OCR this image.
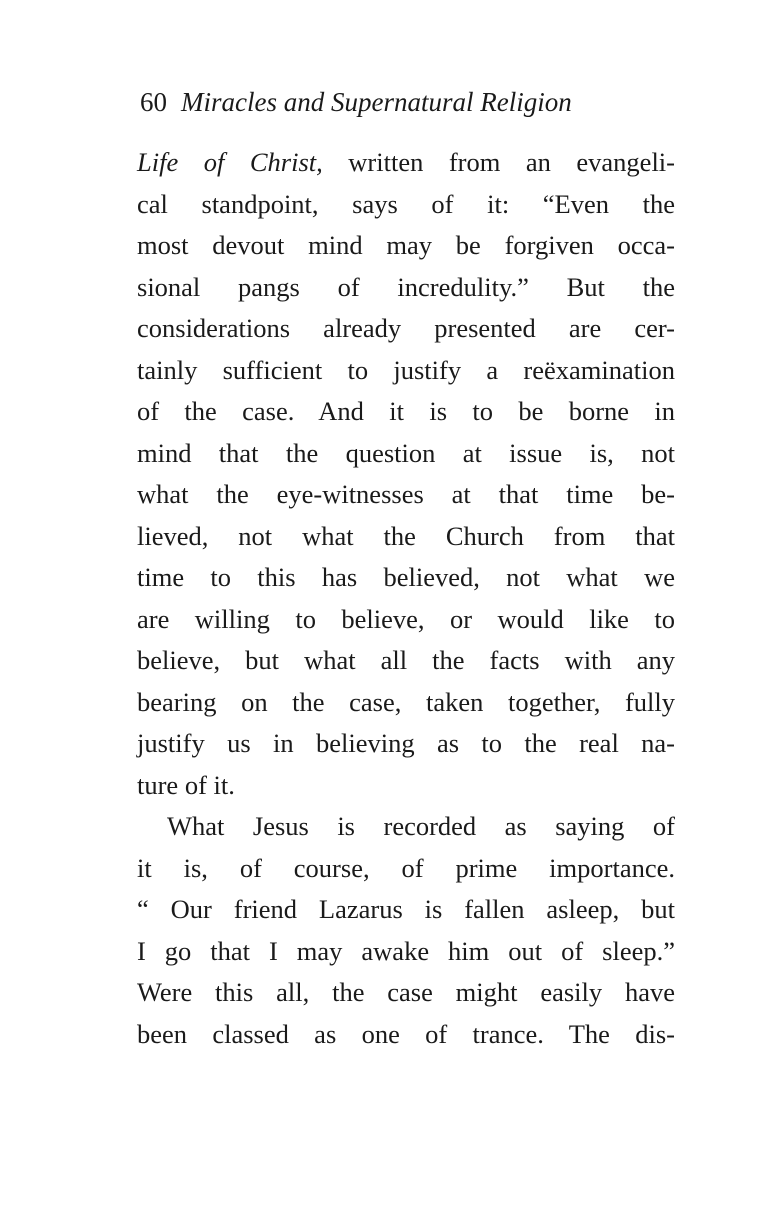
60 Miracles and Supernatural Religion
Life of Christ, written from an evangeli-
cal standpoint, says of it: “Even the
most devout mind may be forgiven occa-
sional pangs of incredulity.” But the
considerations already presented are cer-
tainly sufficient to justify a reëxamination
of the case. And it is to be borne in
mind that the question at issue is, not
what the eye-witnesses at that time be-
lieved, not what the Church from that
time to this has believed, not what we
are willing to believe, or would like to
believe, but what all the facts with any
bearing on the case, taken together, fully
justify us in believing as to the real na-
ture of it.
What Jesus is recorded as saying of
it is, of course, of prime importance.
“ Our friend Lazarus is fallen asleep, but
I go that I may awake him out of sleep.”
Were this all, the case might easily have
been classed as one of trance. The dis-
